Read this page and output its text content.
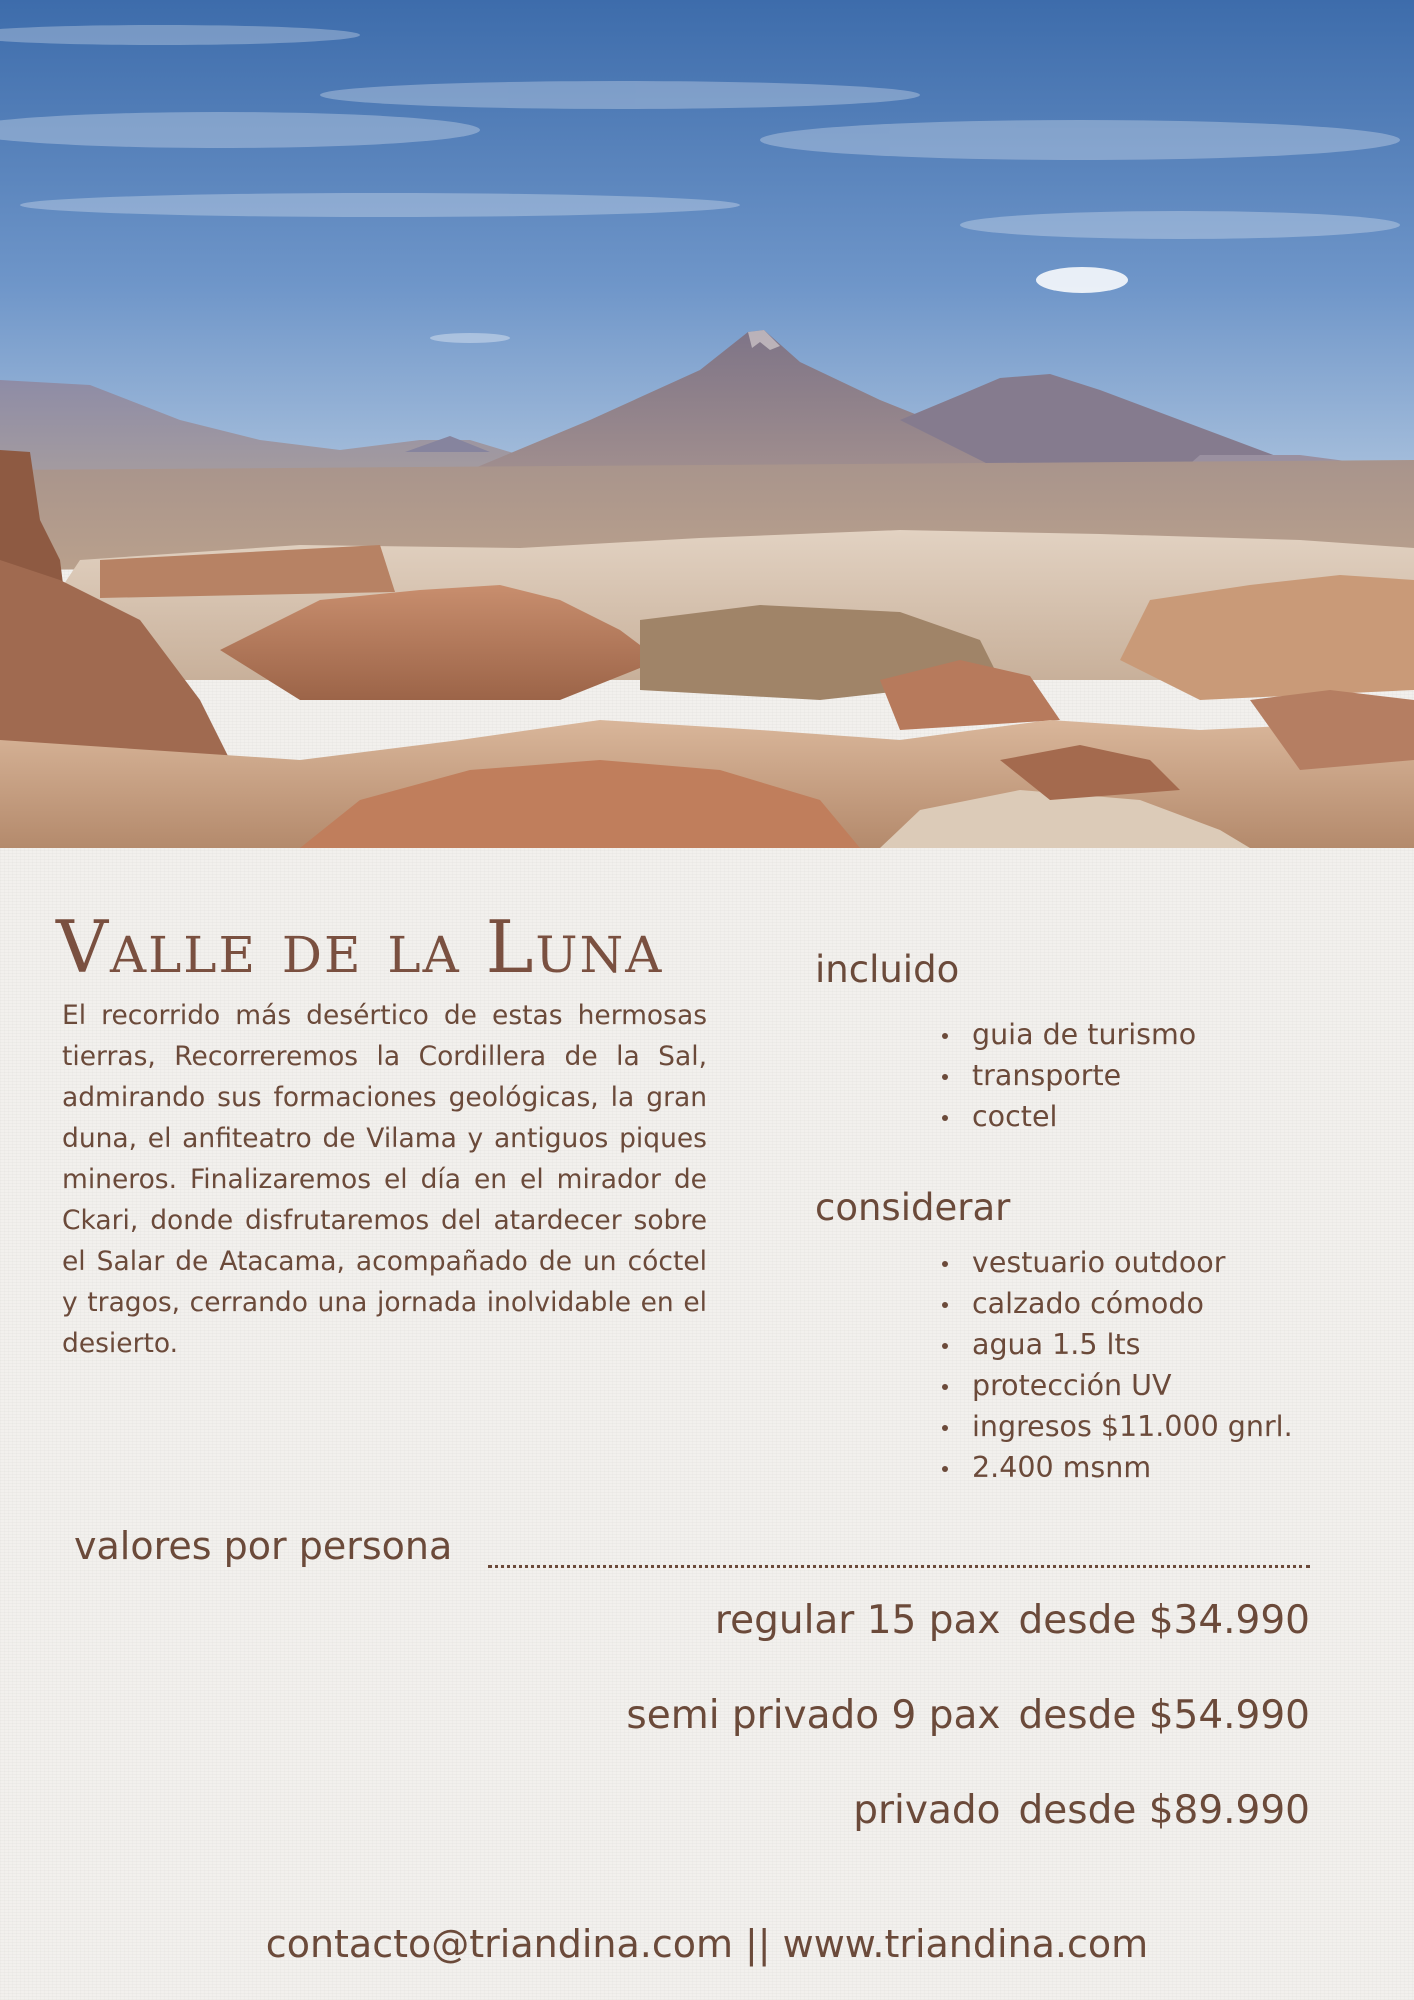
Valle de la Luna

El recorrido más desértico de estas hermosas tierras, Recorreremos la Cordillera de la Sal, admirando sus formaciones geológicas, la gran duna, el anfiteatro de Vilama y antiguos piques mineros. Finalizaremos el día en el mirador de Ckari, donde disfrutaremos del atardecer sobre el Salar de Atacama, acompañado de un cóctel y tragos, cerrando una jornada inolvidable en el desierto.

incluido
guia de turismo
transporte
coctel
considerar
vestuario outdoor
calzado cómodo
agua 1.5 lts
protección UV
ingresos $11.000 gnrl.
2.400 msnm
valores por persona
regular 15 pax desde $34.990
semi privado 9 pax desde $54.990
privado desde $89.990
contacto@triandina.com || www.triandina.com
